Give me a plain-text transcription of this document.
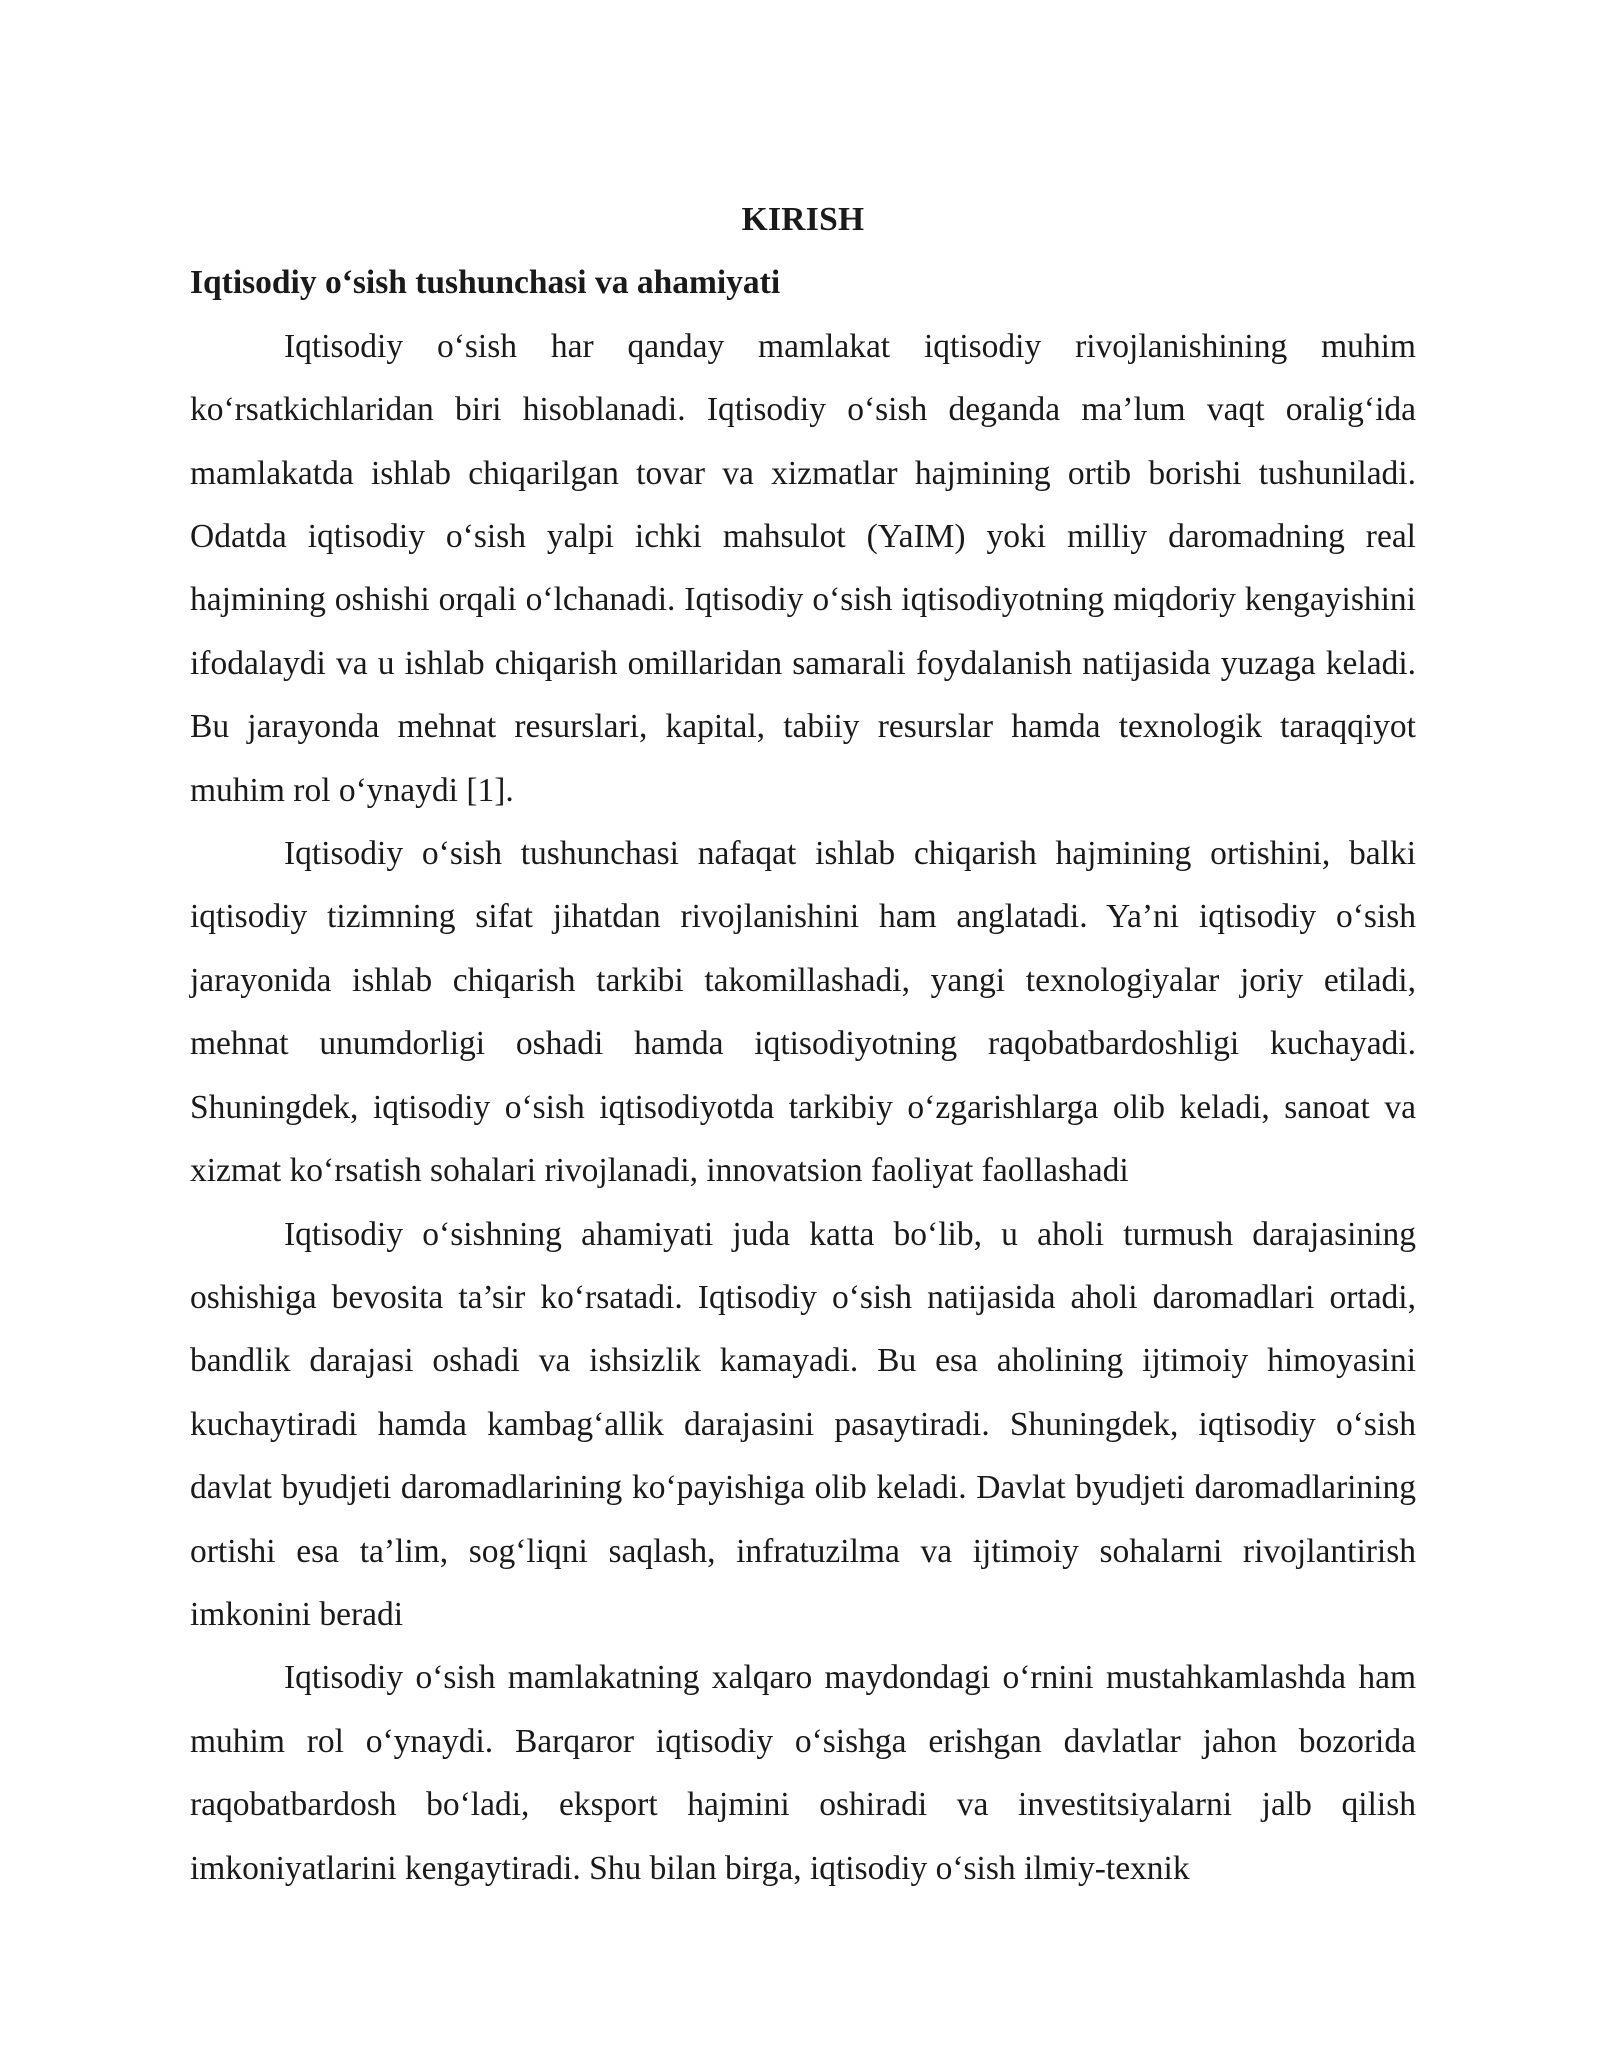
KIRISH
Iqtisodiy o‘sish tushunchasi va ahamiyati

Iqtisodiy o‘sish har qanday mamlakat iqtisodiy rivojlanishining muhim ko‘rsatkichlaridan biri hisoblanadi. Iqtisodiy o‘sish deganda ma’lum vaqt oralig‘ida mamlakatda ishlab chiqarilgan tovar va xizmatlar hajmining ortib borishi tushuniladi. Odatda iqtisodiy o‘sish yalpi ichki mahsulot (YaIM) yoki milliy daromadning real hajmining oshishi orqali o‘lchanadi. Iqtisodiy o‘sish iqtisodiyotning miqdoriy kengayishini ifodalaydi va u ishlab chiqarish omillaridan samarali foydalanish natijasida yuzaga keladi. Bu jarayonda mehnat resurslari, kapital, tabiiy resurslar hamda texnologik taraqqiyot muhim rol o‘ynaydi [1].

Iqtisodiy o‘sish tushunchasi nafaqat ishlab chiqarish hajmining ortishini, balki iqtisodiy tizimning sifat jihatdan rivojlanishini ham anglatadi. Ya’ni iqtisodiy o‘sish jarayonida ishlab chiqarish tarkibi takomillashadi, yangi texnologiyalar joriy etiladi, mehnat unumdorligi oshadi hamda iqtisodiyotning raqobatbardoshligi kuchayadi. Shuningdek, iqtisodiy o‘sish iqtisodiyotda tarkibiy o‘zgarishlarga olib keladi, sanoat va xizmat ko‘rsatish sohalari rivojlanadi, innovatsion faoliyat faollashadi

Iqtisodiy o‘sishning ahamiyati juda katta bo‘lib, u aholi turmush darajasining oshishiga bevosita ta’sir ko‘rsatadi. Iqtisodiy o‘sish natijasida aholi daromadlari ortadi, bandlik darajasi oshadi va ishsizlik kamayadi. Bu esa aholining ijtimoiy himoyasini kuchaytiradi hamda kambag‘allik darajasini pasaytiradi. Shuningdek, iqtisodiy o‘sish davlat byudjeti daromadlarining ko‘payishiga olib keladi. Davlat byudjeti daromadlarining ortishi esa ta’lim, sog‘liqni saqlash, infratuzilma va ijtimoiy sohalarni rivojlantirish imkonini beradi

Iqtisodiy o‘sish mamlakatning xalqaro maydondagi o‘rnini mustahkamlashda ham muhim rol o‘ynaydi. Barqaror iqtisodiy o‘sishga erishgan davlatlar jahon bozorida raqobatbardosh bo‘ladi, eksport hajmini oshiradi va investitsiyalarni jalb qilish imkoniyatlarini kengaytiradi. Shu bilan birga, iqtisodiy o‘sish ilmiy-texnik
